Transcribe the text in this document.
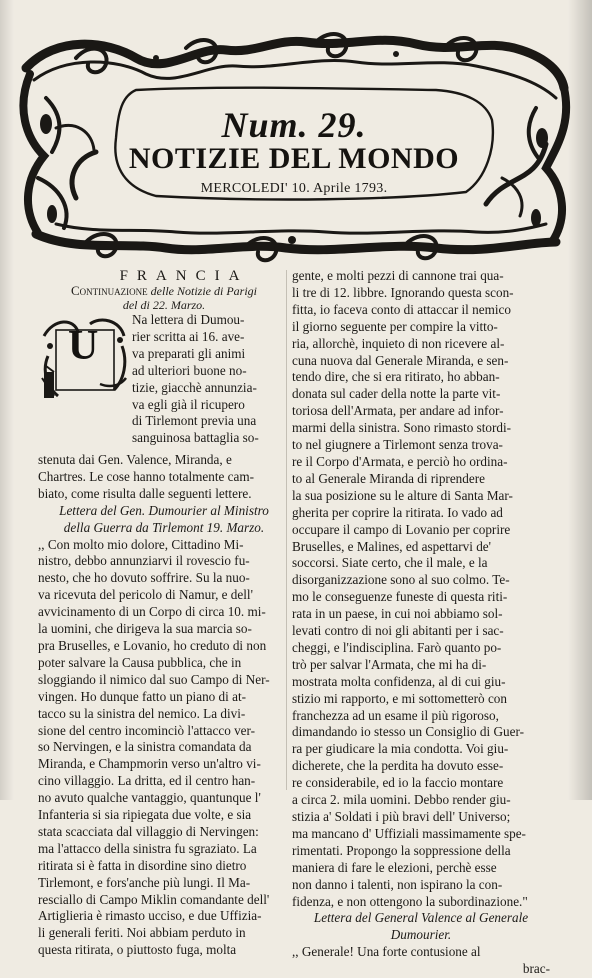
Num. 29.
NOTIZIE DEL MONDO
MERCOLEDI' 10. Aprile 1793.
FRANCIA
Continuazione delle Notizie di Parigi
del di 22. Marzo.
U
Na lettera di Dumou-
rier scritta ai 16. ave-
va preparati gli animi
ad ulteriori buone no-
tizie, giacchè annunzia-
va egli già il ricupero
di Tirlemont previa una
sanguinosa battaglia so-
stenuta dai Gen. Valence, Miranda, e
Chartres. Le cose hanno totalmente cam-
biato, come risulta dalle seguenti lettere.
Lettera del Gen. Dumourier al Ministro
della Guerra da Tirlemont 19. Marzo.
,, Con molto mio dolore, Cittadino Mi-
nistro, debbo annunziarvi il rovescio fu-
nesto, che ho dovuto soffrire. Su la nuo-
va ricevuta del pericolo di Namur, e dell'
avvicinamento di un Corpo di circa 10. mi-
la uomini, che dirigeva la sua marcia so-
pra Bruselles, e Lovanio, ho creduto di non
poter salvare la Causa pubblica, che in
sloggiando il nimico dal suo Campo di Ner-
vingen. Ho dunque fatto un piano di at-
tacco su la sinistra del nemico. La divi-
sione del centro incominciò l'attacco ver-
so Nervingen, e la sinistra comandata da
Miranda, e Champmorin verso un'altro vi-
cino villaggio. La dritta, ed il centro han-
no avuto qualche vantaggio, quantunque l'
Infanteria si sia ripiegata due volte, e sia
stata scacciata dal villaggio di Nervingen:
ma l'attacco della sinistra fu sgraziato. La
ritirata si è fatta in disordine sino dietro
Tirlemont, e fors'anche più lungi. Il Ma-
resciallo di Campo Miklin comandante dell'
Artiglieria è rimasto ucciso, e due Uffizia-
li generali feriti. Noi abbiam perduto in
questa ritirata, o piuttosto fuga, molta
gente, e molti pezzi di cannone trai qua-
li tre di 12. libbre. Ignorando questa scon-
fitta, io faceva conto di attaccar il nemico
il giorno seguente per compire la vitto-
ria, allorchè, inquieto di non ricevere al-
cuna nuova dal Generale Miranda, e sen-
tendo dire, che si era ritirato, ho abban-
donata sul cader della notte la parte vit-
toriosa dell'Armata, per andare ad infor-
marmi della sinistra. Sono rimasto stordi-
to nel giugnere a Tirlemont senza trova-
re il Corpo d'Armata, e perciò ho ordina-
to al Generale Miranda di riprendere
la sua posizione su le alture di Santa Mar-
gherita per coprire la ritirata. Io vado ad
occupare il campo di Lovanio per coprire
Bruselles, e Malines, ed aspettarvi de'
soccorsi. Siate certo, che il male, e la
disorganizzazione sono al suo colmo. Te-
mo le conseguenze funeste di questa riti-
rata in un paese, in cui noi abbiamo sol-
levati contro di noi gli abitanti per i sac-
cheggi, e l'indisciplina. Farò quanto po-
trò per salvar l'Armata, che mi ha di-
mostrata molta confidenza, al di cui giu-
stizio mi rapporto, e mi sottometterò con
franchezza ad un esame il più rigoroso,
dimandando io stesso un Consiglio di Guer-
ra per giudicare la mia condotta. Voi giu-
dicherete, che la perdita ha dovuto esse-
re considerabile, ed io la faccio montare
a circa 2. mila uomini. Debbo render giu-
stizia a' Soldati i più bravi dell' Universo;
ma mancano d' Uffiziali massimamente spe-
rimentati. Propongo la soppressione della
maniera di fare le elezioni, perchè esse
non danno i talenti, non ispirano la con-
fidenza, e non ottengono la subordinazione."
Lettera del General Valence al Generale
Dumourier.
,, Generale! Una forte contusione al
brac-
